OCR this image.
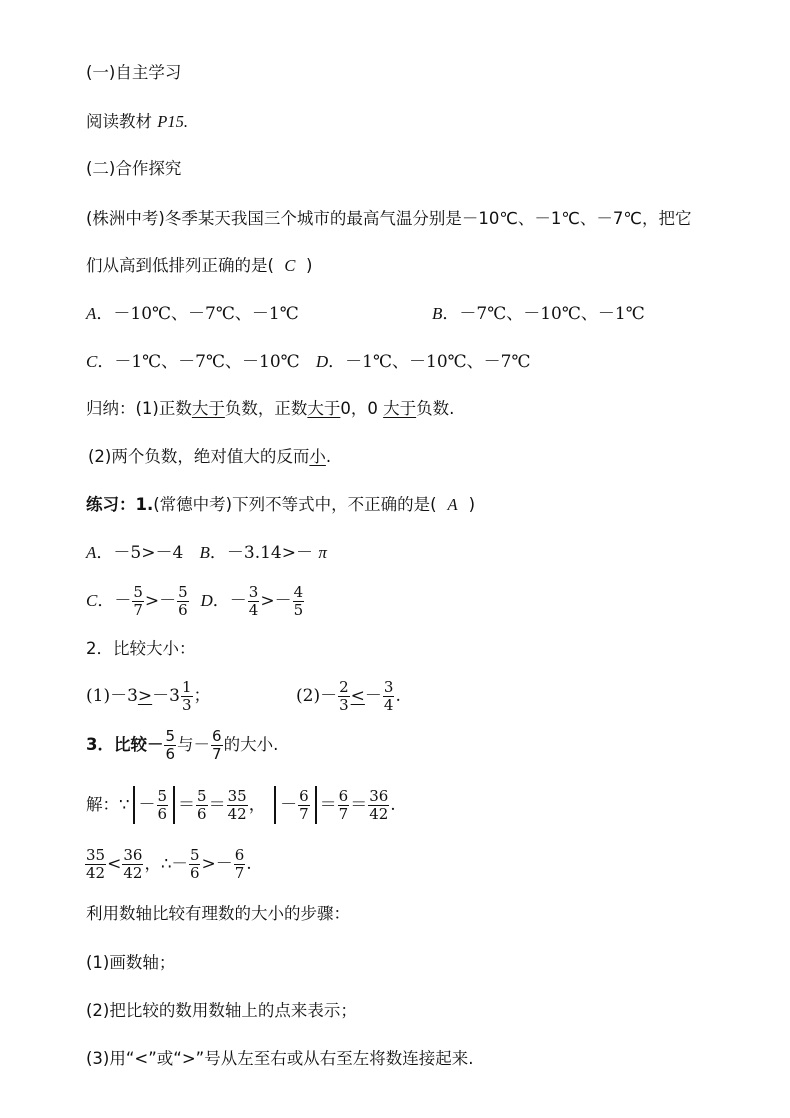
(一)自主学习
阅读教材 P15.
(二)合作探究
(株洲中考)冬季某天我国三个城市的最高气温分别是－10℃、－1℃、－7℃，把它
们从高到低排列正确的是( C )
A．－10℃、－7℃、－1℃	B．－7℃、－10℃、－1℃
C．－1℃、－7℃、－10℃ D．－1℃、－10℃、－7℃
归纳：(1)正数大于负数，正数大于0，0 大于负数.
(2)两个负数，绝对值大的反而小.
练习：1.(常德中考)下列不等式中，不正确的是( A )
A．－5>－4 B．－3.14>－ π
C ． － $\frac{5}{7}$ > － $\frac{5}{6}$
D ． － $\frac{3}{4}$ > － $\frac{4}{5}$
2．比较大小：
$(1)-3 > -3 \frac{1}{3}$ ；	$(2)- \frac{2}{3}$ < － $\frac{3}{4}$ .
3．比较－ $\frac{5}{6}$ 与－ $\frac{6}{7}$ 的大小.
解：∵ － $\frac{5}{6} = \frac{5}{6} = \frac{35}{42}$ ，
－ $\frac{6}{7} = \frac{6}{7} = \frac{36}{42}$ .
$\frac{35}{42} < \frac{36}{42}$ ，∴－ $\frac{5}{6}$ > － $\frac{6}{7}$ .
利用数轴比较有理数的大小的步骤：
(1)画数轴；
(2)把比较的数用数轴上的点来表示；
(3)用“<”或“>”号从左至右或从右至左将数连接起来.
